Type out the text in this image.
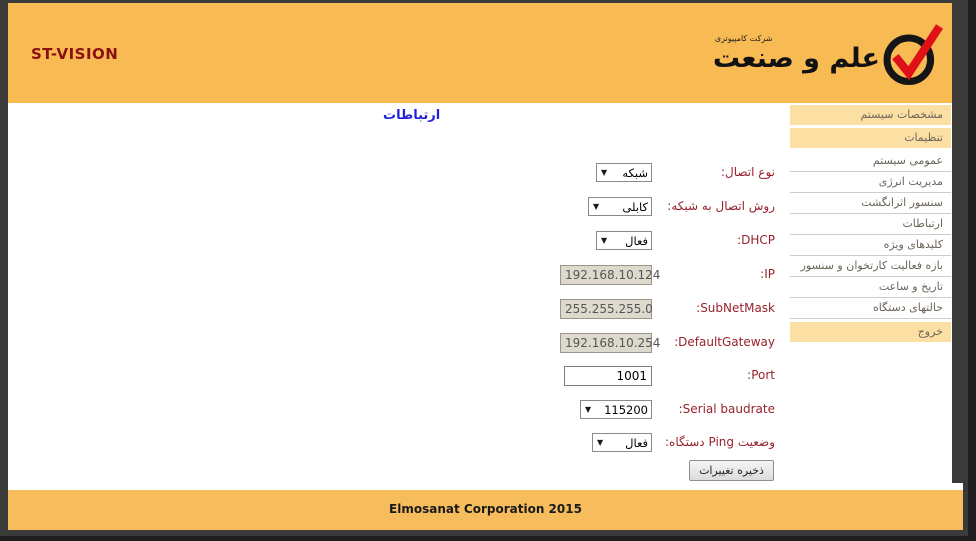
ST-VISION
شرکت کامپیوتری
علم و صنعت
ارتباطات
نوع اتصال:
▼ شبکه
روش اتصال به شبکه:
▼ کابلی
DHCP:
▼ فعال
IP:
192.168.10.124
SubNetMask:
255.255.255.0
DefaultGateway:
192.168.10.254
Port:
1001
Serial baudrate:
▼ 115200
وضعیت Ping دستگاه:
▼ فعال
ذخیره تغییرات
مشخصات سیستم
تنظیمات
عمومی سیستم
مدیریت انرژی
سنسور اثرانگشت
ارتباطات
کلیدهای ویژه
بازه فعالیت کارتخوان و سنسور
تاریخ و ساعت
حالتهای دستگاه
خروج
Elmosanat Corporation 2015
